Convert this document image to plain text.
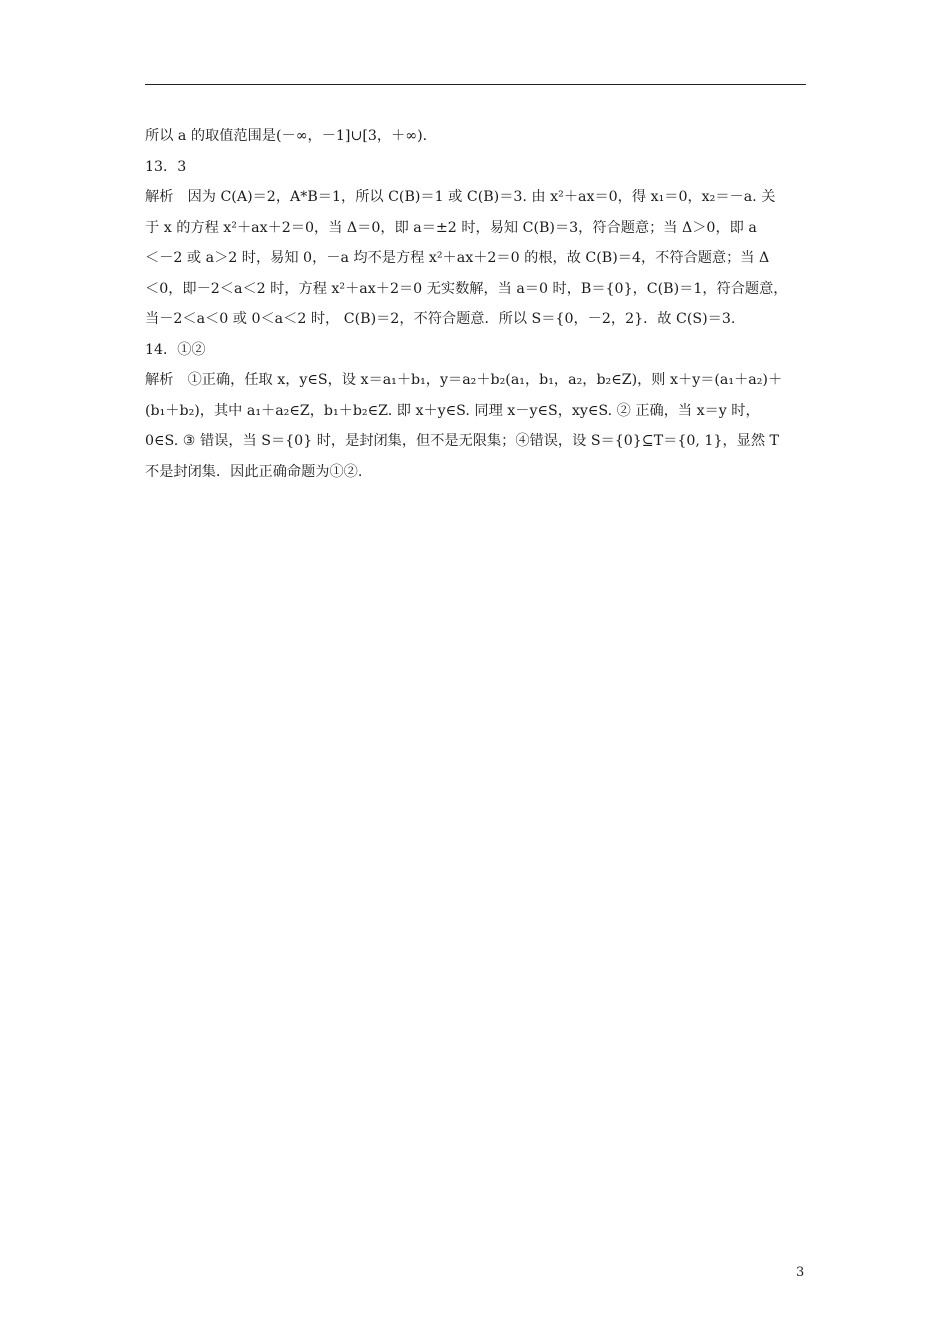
所以 a 的取值范围是(－∞，－1]∪[3，＋∞).
13．3
解析　因为 C(A)＝2，A*B＝1，所以 C(B)＝1 或 C(B)＝3. 由 x²＋ax＝0，得 x₁＝0，x₂＝－a. 关
于 x 的方程 x²＋ax＋2＝0，当 Δ＝0，即 a＝±2 时，易知 C(B)＝3，符合题意；当 Δ＞0，即 a
＜－2 或 a＞2 时，易知 0，－a 均不是方程 x²＋ax＋2＝0 的根，故 C(B)＝4，不符合题意；当 Δ
＜0，即－2＜a＜2 时，方程 x²＋ax＋2＝0 无实数解，当 a＝0 时，B＝{0}，C(B)＝1，符合题意，
当－2＜a＜0 或 0＜a＜2 时， C(B)＝2，不符合题意．所以 S＝{0，－2，2}．故 C(S)＝3.
14．①②
解析　①正确，任取 x，y∈S，设 x＝a₁＋b₁，y＝a₂＋b₂(a₁，b₁，a₂，b₂∈Z)，则 x＋y＝(a₁＋a₂)＋
(b₁＋b₂)，其中 a₁＋a₂∈Z，b₁＋b₂∈Z. 即 x＋y∈S. 同理 x－y∈S，xy∈S. ② 正确，当 x＝y 时，
0∈S. ③ 错误，当 S＝{0} 时，是封闭集，但不是无限集；④错误，设 S＝{0}⊆T＝{0, 1}，显然 T
不是封闭集．因此正确命题为①②.
3
